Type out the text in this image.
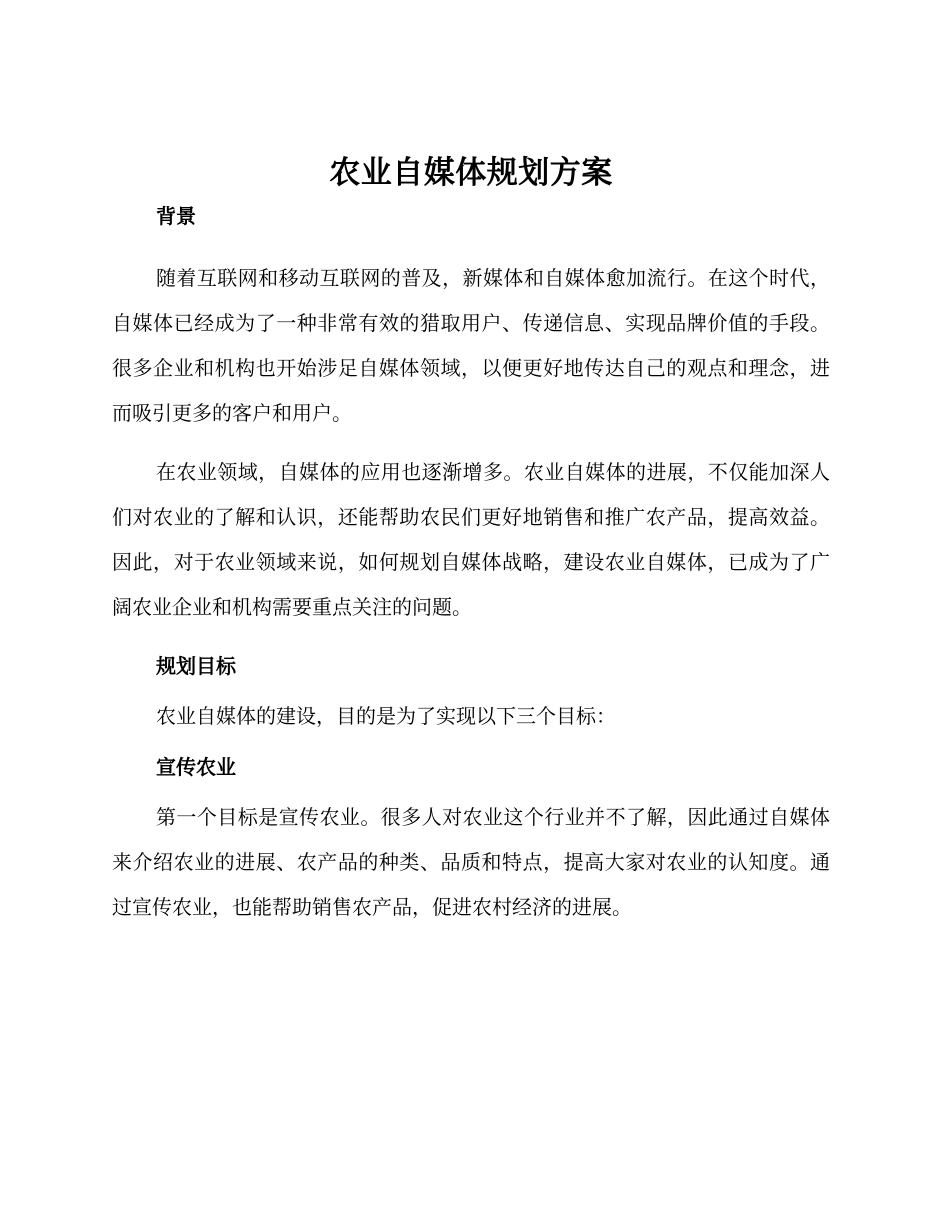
农业自媒体规划方案
背景

随着互联网和移动互联网的普及，新媒体和自媒体愈加流行。在这个时代，自媒体已经成为了一种非常有效的猎取用户、传递信息、实现品牌价值的手段。很多企业和机构也开始涉足自媒体领域，以便更好地传达自己的观点和理念，进而吸引更多的客户和用户。

在农业领域，自媒体的应用也逐渐增多。农业自媒体的进展，不仅能加深人们对农业的了解和认识，还能帮助农民们更好地销售和推广农产品，提高效益。因此，对于农业领域来说，如何规划自媒体战略，建设农业自媒体，已成为了广阔农业企业和机构需要重点关注的问题。

规划目标

农业自媒体的建设，目的是为了实现以下三个目标：

宣传农业

第一个目标是宣传农业。很多人对农业这个行业并不了解，因此通过自媒体来介绍农业的进展、农产品的种类、品质和特点，提高大家对农业的认知度。通过宣传农业，也能帮助销售农产品，促进农村经济的进展。
